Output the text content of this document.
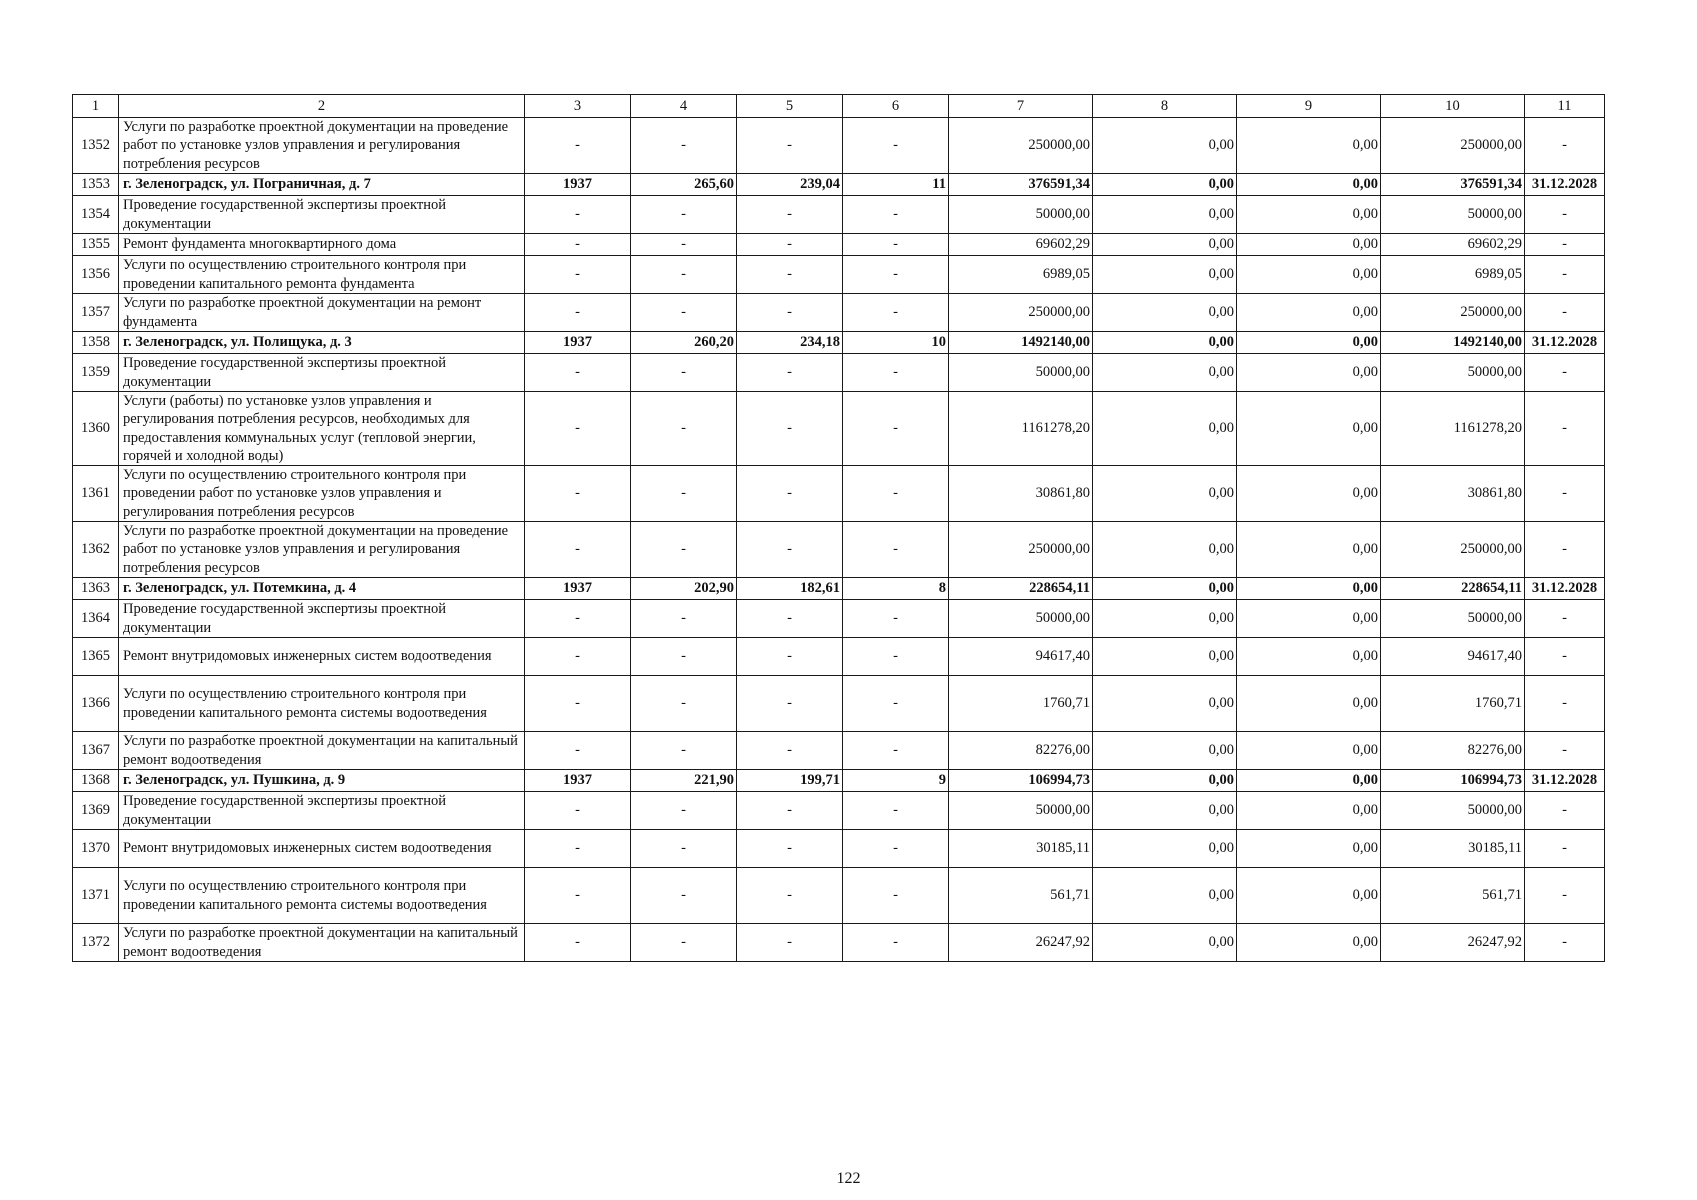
1	2	3	4	5	6	7	8	9	10	11
1352	Услуги по разработке проектной документации на проведение работ по установке узлов управления и регулирования потребления ресурсов	-	-	-	-	250000,00	0,00	0,00	250000,00	-
1353	г. Зеленоградск, ул. Пограничная, д. 7	1937	265,60	239,04	11	376591,34	0,00	0,00	376591,34	31.12.2028
1354	Проведение государственной экспертизы проектной документации	-	-	-	-	50000,00	0,00	0,00	50000,00	-
1355	Ремонт фундамента многоквартирного дома	-	-	-	-	69602,29	0,00	0,00	69602,29	-
1356	Услуги по осуществлению строительного контроля при проведении капитального ремонта фундамента	-	-	-	-	6989,05	0,00	0,00	6989,05	-
1357	Услуги по разработке проектной документации на ремонт фундамента	-	-	-	-	250000,00	0,00	0,00	250000,00	-
1358	г. Зеленоградск, ул. Полищука, д. 3	1937	260,20	234,18	10	1492140,00	0,00	0,00	1492140,00	31.12.2028
1359	Проведение государственной экспертизы проектной документации	-	-	-	-	50000,00	0,00	0,00	50000,00	-
1360	Услуги (работы) по установке узлов управления и регулирования потребления ресурсов, необходимых для предоставления коммунальных услуг (тепловой энергии, горячей и холодной воды)	-	-	-	-	1161278,20	0,00	0,00	1161278,20	-
1361	Услуги по осуществлению строительного контроля при проведении работ по установке узлов управления и регулирования потребления ресурсов	-	-	-	-	30861,80	0,00	0,00	30861,80	-
1362	Услуги по разработке проектной документации на проведение работ по установке узлов управления и регулирования потребления ресурсов	-	-	-	-	250000,00	0,00	0,00	250000,00	-
1363	г. Зеленоградск, ул. Потемкина, д. 4	1937	202,90	182,61	8	228654,11	0,00	0,00	228654,11	31.12.2028
1364	Проведение государственной экспертизы проектной документации	-	-	-	-	50000,00	0,00	0,00	50000,00	-
1365	Ремонт внутридомовых инженерных систем водоотведения	-	-	-	-	94617,40	0,00	0,00	94617,40	-
1366	Услуги по осуществлению строительного контроля при проведении капитального ремонта системы водоотведения	-	-	-	-	1760,71	0,00	0,00	1760,71	-
1367	Услуги по разработке проектной документации на капитальный ремонт водоотведения	-	-	-	-	82276,00	0,00	0,00	82276,00	-
1368	г. Зеленоградск, ул. Пушкина, д. 9	1937	221,90	199,71	9	106994,73	0,00	0,00	106994,73	31.12.2028
1369	Проведение государственной экспертизы проектной документации	-	-	-	-	50000,00	0,00	0,00	50000,00	-
1370	Ремонт внутридомовых инженерных систем водоотведения	-	-	-	-	30185,11	0,00	0,00	30185,11	-
1371	Услуги по осуществлению строительного контроля при проведении капитального ремонта системы водоотведения	-	-	-	-	561,71	0,00	0,00	561,71	-
1372	Услуги по разработке проектной документации на капитальный ремонт водоотведения	-	-	-	-	26247,92	0,00	0,00	26247,92	-
122
